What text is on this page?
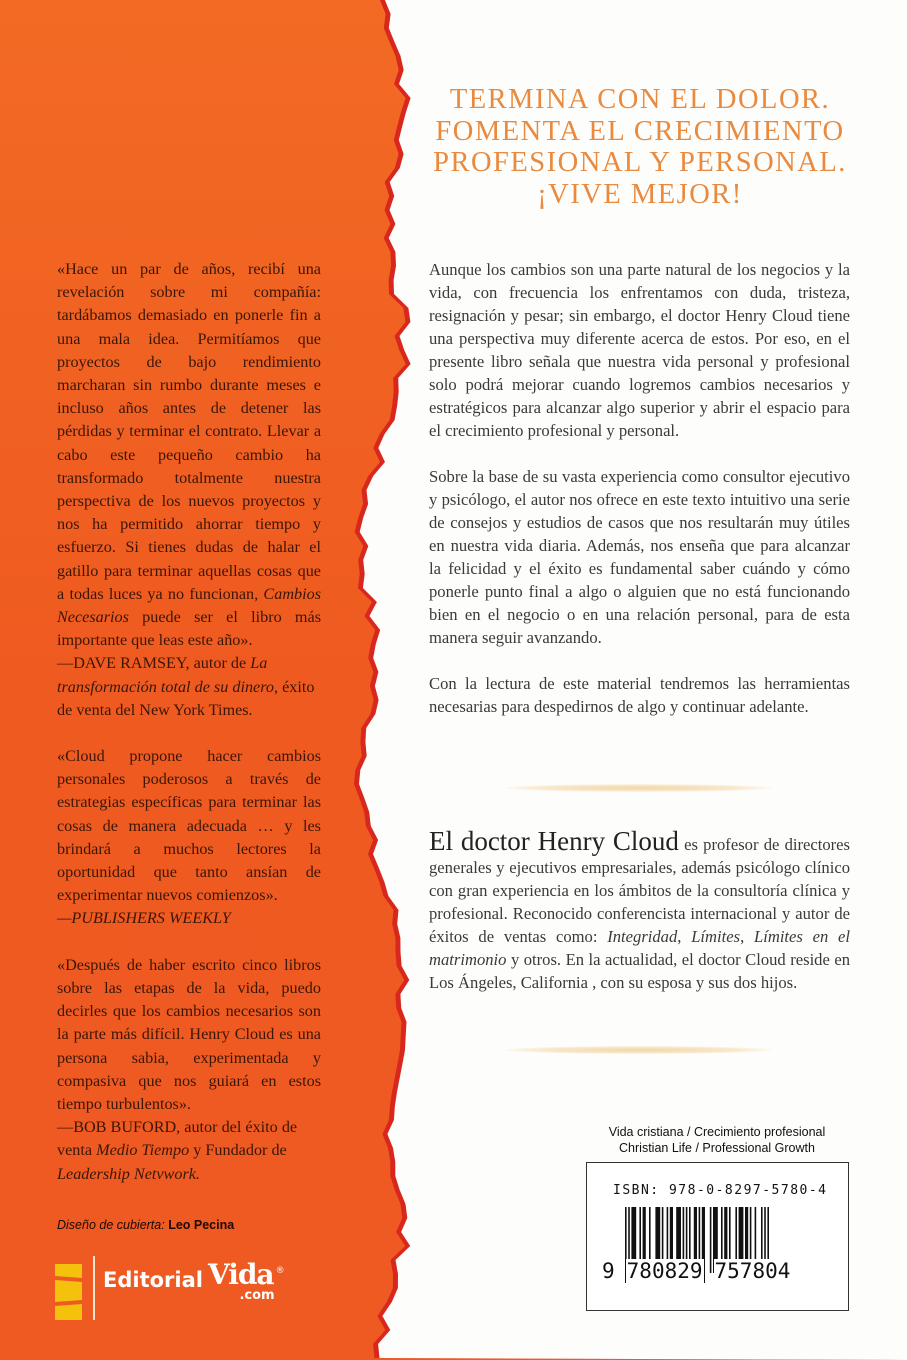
«Hace un par de años, recibí una revelación sobre mi compañía: tardábamos demasiado en ponerle fin a una mala idea. Permitíamos que proyectos de bajo rendimiento marcharan sin rumbo durante meses e incluso años antes de detener las pérdidas y terminar el contrato. Llevar a cabo este pequeño cambio ha transformado totalmente nuestra perspectiva de los nuevos proyectos y nos ha permitido ahorrar tiempo y esfuerzo. Si tienes dudas de halar el gatillo para terminar aquellas cosas que a todas luces ya no funcionan, Cambios Necesarios puede ser el libro más importante que leas este año».

—DAVE RAMSEY, autor de La transformación total de su dinero, éxito de venta del New York Times.

«Cloud propone hacer cambios personales poderosos a través de estrategias específicas para terminar las cosas de manera adecuada … y les brindará a muchos lectores la oportunidad que tanto ansían de experimentar nuevos comienzos».

—PUBLISHERS WEEKLY

«Después de haber escrito cinco libros sobre las etapas de la vida, puedo decirles que los cambios necesarios son la parte más difícil. Henry Cloud es una persona sabia, experimentada y compasiva que nos guiará en estos tiempo turbulentos».

—BOB BUFORD, autor del éxito de venta Medio Tiempo y Fundador de Leadership Netvwork.

TERMINA CON EL DOLOR.
FOMENTA EL CRECIMIENTO
PROFESIONAL Y PERSONAL.
¡VIVE MEJOR!

Aunque los cambios son una parte natural de los negocios y la vida, con frecuencia los enfrentamos con duda, tristeza, resignación y pesar; sin embargo, el doctor Henry Cloud tiene una perspectiva muy diferente acerca de estos. Por eso, en el presente libro señala que nuestra vida personal y profesional solo podrá mejorar cuando logremos cambios necesarios y estratégicos para alcanzar algo superior y abrir el espacio para el crecimiento profesional y personal.

Sobre la base de su vasta experiencia como consultor ejecutivo y psicólogo, el autor nos ofrece en este texto intuitivo una serie de consejos y estudios de casos que nos resultarán muy útiles en nuestra vida diaria. Además, nos enseña que para alcanzar la felicidad y el éxito es fundamental saber cuándo y cómo ponerle punto final a algo o alguien que no está funcionando bien en el negocio o en una relación personal, para de esta manera seguir avanzando.

Con la lectura de este material tendremos las herramientas necesarias para despedirnos de algo y continuar adelante.

El doctor Henry Cloud es profesor de directores generales y ejecutivos empresariales, además psicólogo clínico con gran experiencia en los ámbitos de la consultoría clínica y profesional. Reconocido conferencista internacional y autor de éxitos de ventas como: Integridad, Límites, Límites en el matrimonio y otros. En la actualidad, el doctor Cloud reside en Los Ángeles, California , con su esposa y sus dos hijos.
Vida cristiana / Crecimiento profesional
Christian Life / Professional Growth
ISBN: 978-0-8297-5780-4
9 780829 757804
Diseño de cubierta: Leo Pecina
Editorial Vida ®
.com
